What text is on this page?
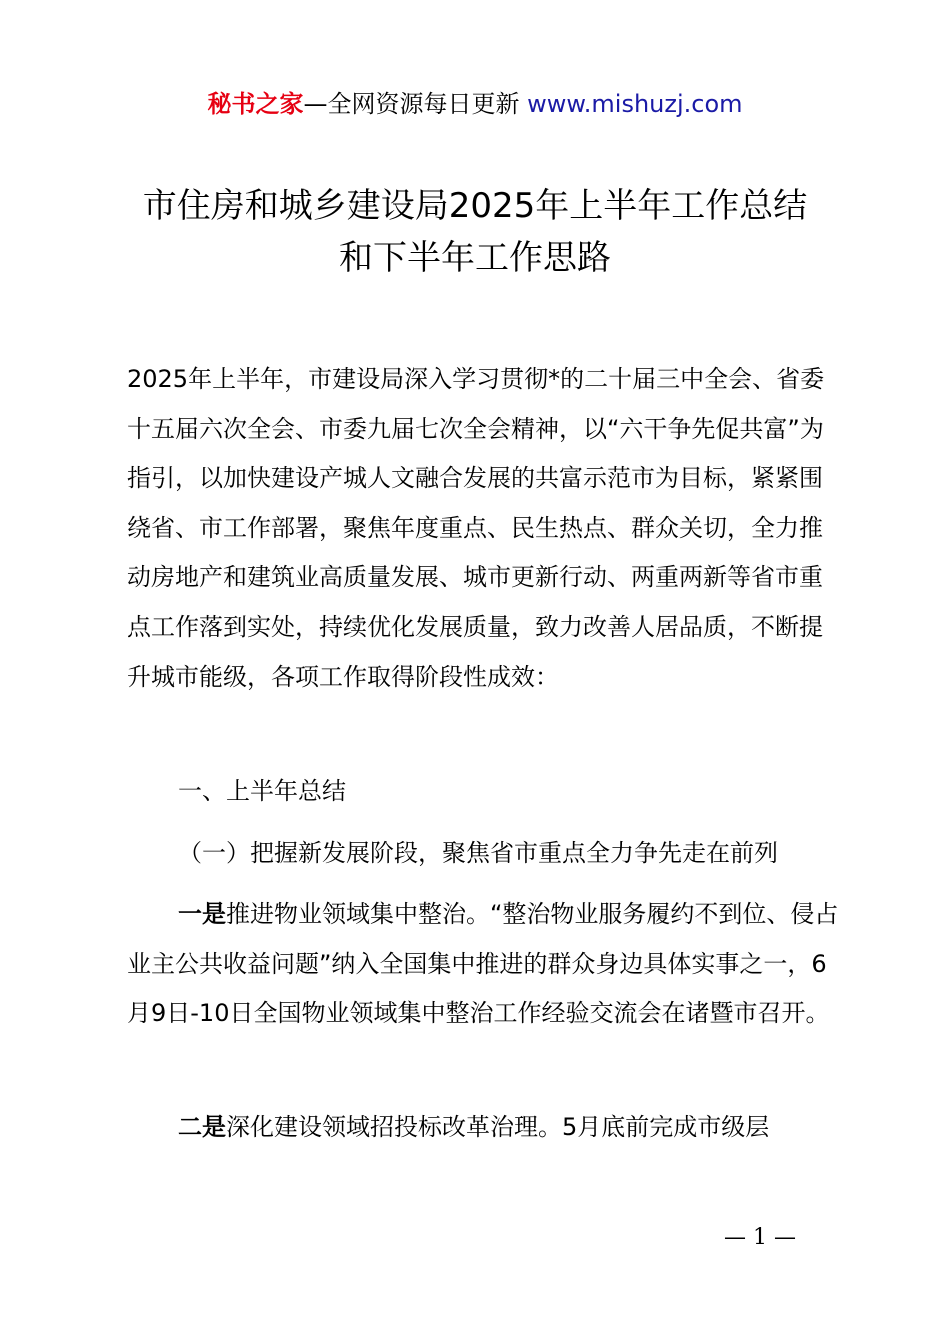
秘书之家—全网资源每日更新 www.mishuzj.com
市住房和城乡建设局2025年上半年工作总结
和下半年工作思路
2025年上半年，市建设局深入学习贯彻*的二十届三中全会、省委十五届六次全会、市委九届七次全会精神，以“六干争先促共富”为指引，以加快建设产城人文融合发展的共富示范市为目标，紧紧围绕省、市工作部署，聚焦年度重点、民生热点、群众关切，全力推动房地产和建筑业高质量发展、城市更新行动、两重两新等省市重点工作落到实处，持续优化发展质量，致力改善人居品质，不断提升城市能级，各项工作取得阶段性成效：
一、上半年总结
（一）把握新发展阶段，聚焦省市重点全力争先走在前列
一是推进物业领域集中整治。“整治物业服务履约不到位、侵占业主公共收益问题”纳入全国集中推进的群众身边具体实事之一，6月9日-10日全国物业领域集中整治工作经验交流会在诸暨市召开。
二是深化建设领域招投标改革治理。5月底前完成市级层
— 1 —
